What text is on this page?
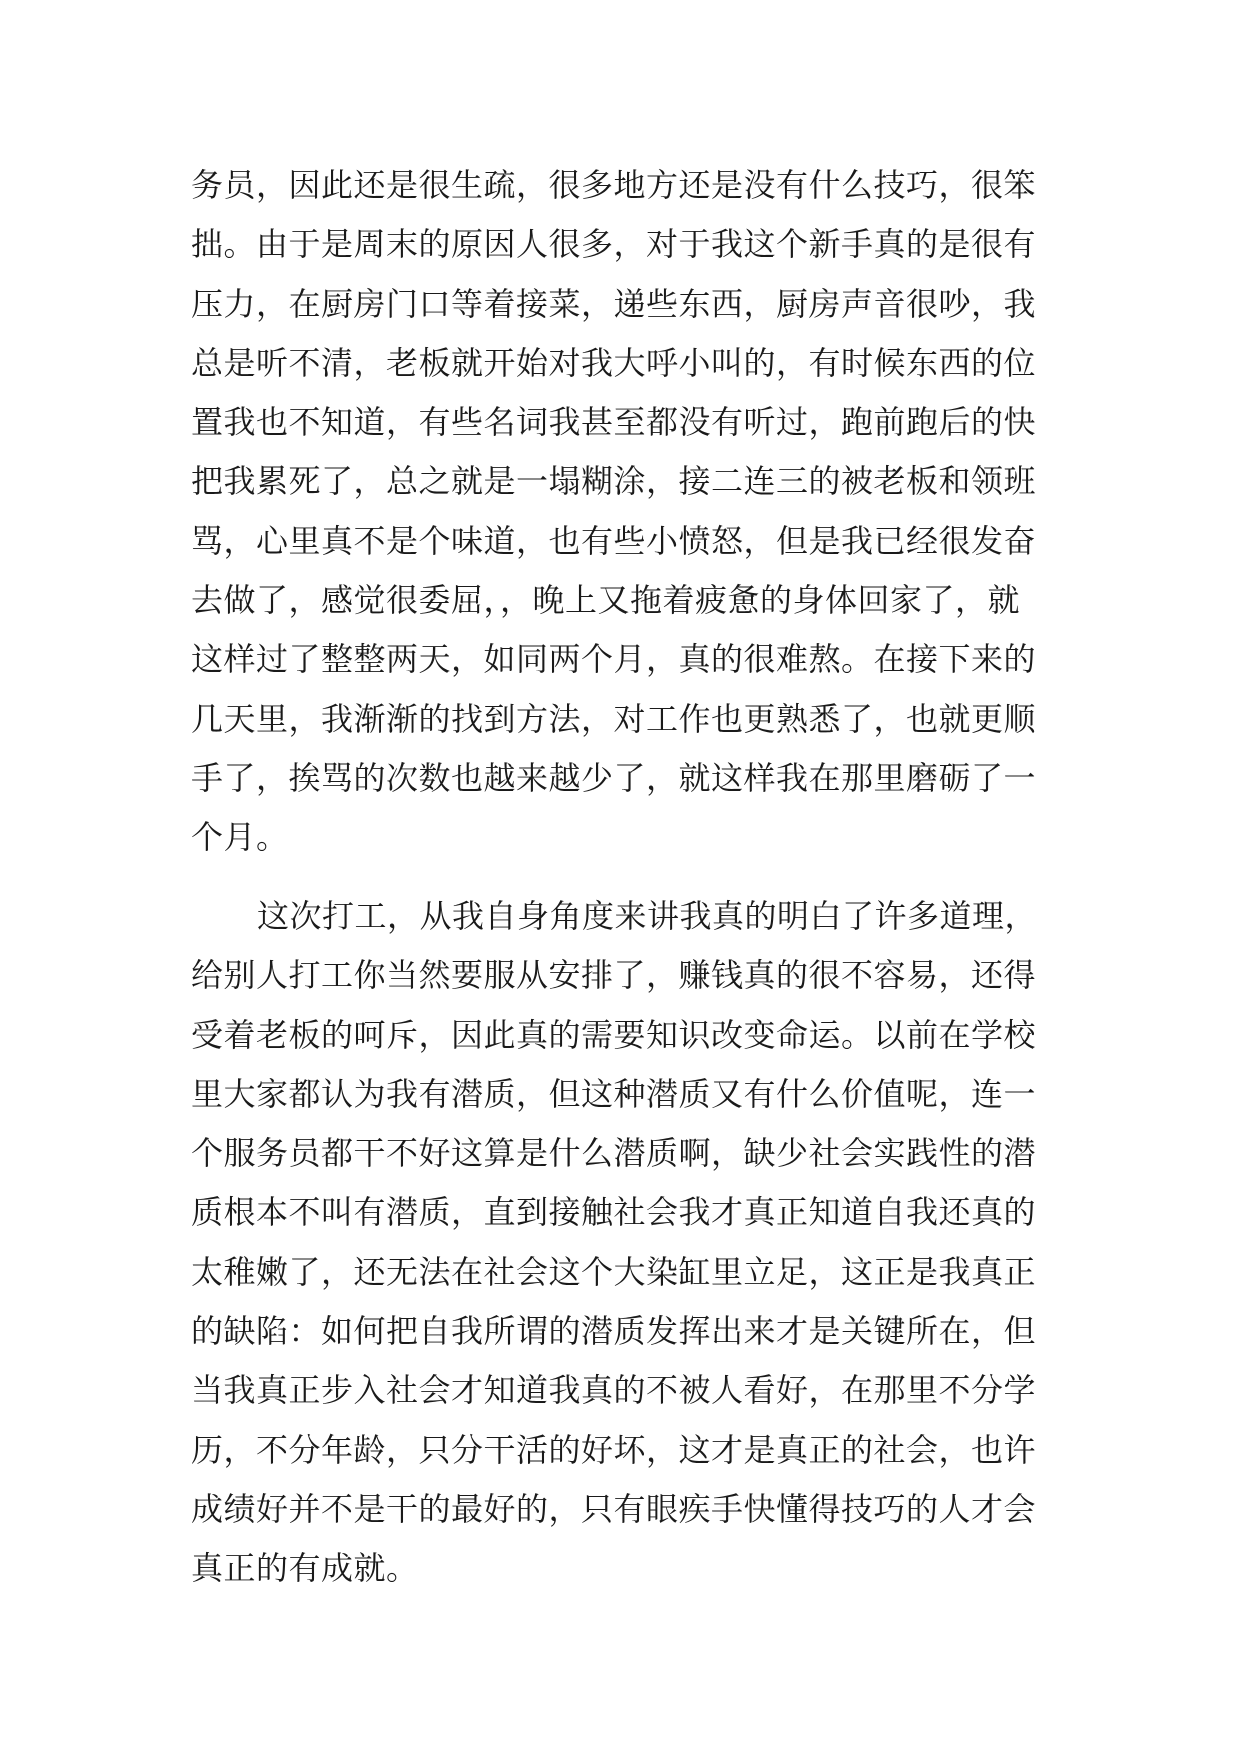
务员，因此还是很生疏，很多地方还是没有什么技巧，很笨
拙。由于是周末的原因人很多，对于我这个新手真的是很有
压力，在厨房门口等着接菜，递些东西，厨房声音很吵，我
总是听不清，老板就开始对我大呼小叫的，有时候东西的位
置我也不知道，有些名词我甚至都没有听过，跑前跑后的快
把我累死了，总之就是一塌糊涂，接二连三的被老板和领班
骂，心里真不是个味道，也有些小愤怒，但是我已经很发奋
去做了，感觉很委屈，，晚上又拖着疲惫的身体回家了，就
这样过了整整两天，如同两个月，真的很难熬。在接下来的
几天里，我渐渐的找到方法，对工作也更熟悉了，也就更顺
手了，挨骂的次数也越来越少了，就这样我在那里磨砺了一
个月。
这次打工，从我自身角度来讲我真的明白了许多道理，
给别人打工你当然要服从安排了，赚钱真的很不容易，还得
受着老板的呵斥，因此真的需要知识改变命运。以前在学校
里大家都认为我有潜质，但这种潜质又有什么价值呢，连一
个服务员都干不好这算是什么潜质啊，缺少社会实践性的潜
质根本不叫有潜质，直到接触社会我才真正知道自我还真的
太稚嫩了，还无法在社会这个大染缸里立足，这正是我真正
的缺陷：如何把自我所谓的潜质发挥出来才是关键所在，但
当我真正步入社会才知道我真的不被人看好，在那里不分学
历，不分年龄，只分干活的好坏，这才是真正的社会，也许
成绩好并不是干的最好的，只有眼疾手快懂得技巧的人才会
真正的有成就。
